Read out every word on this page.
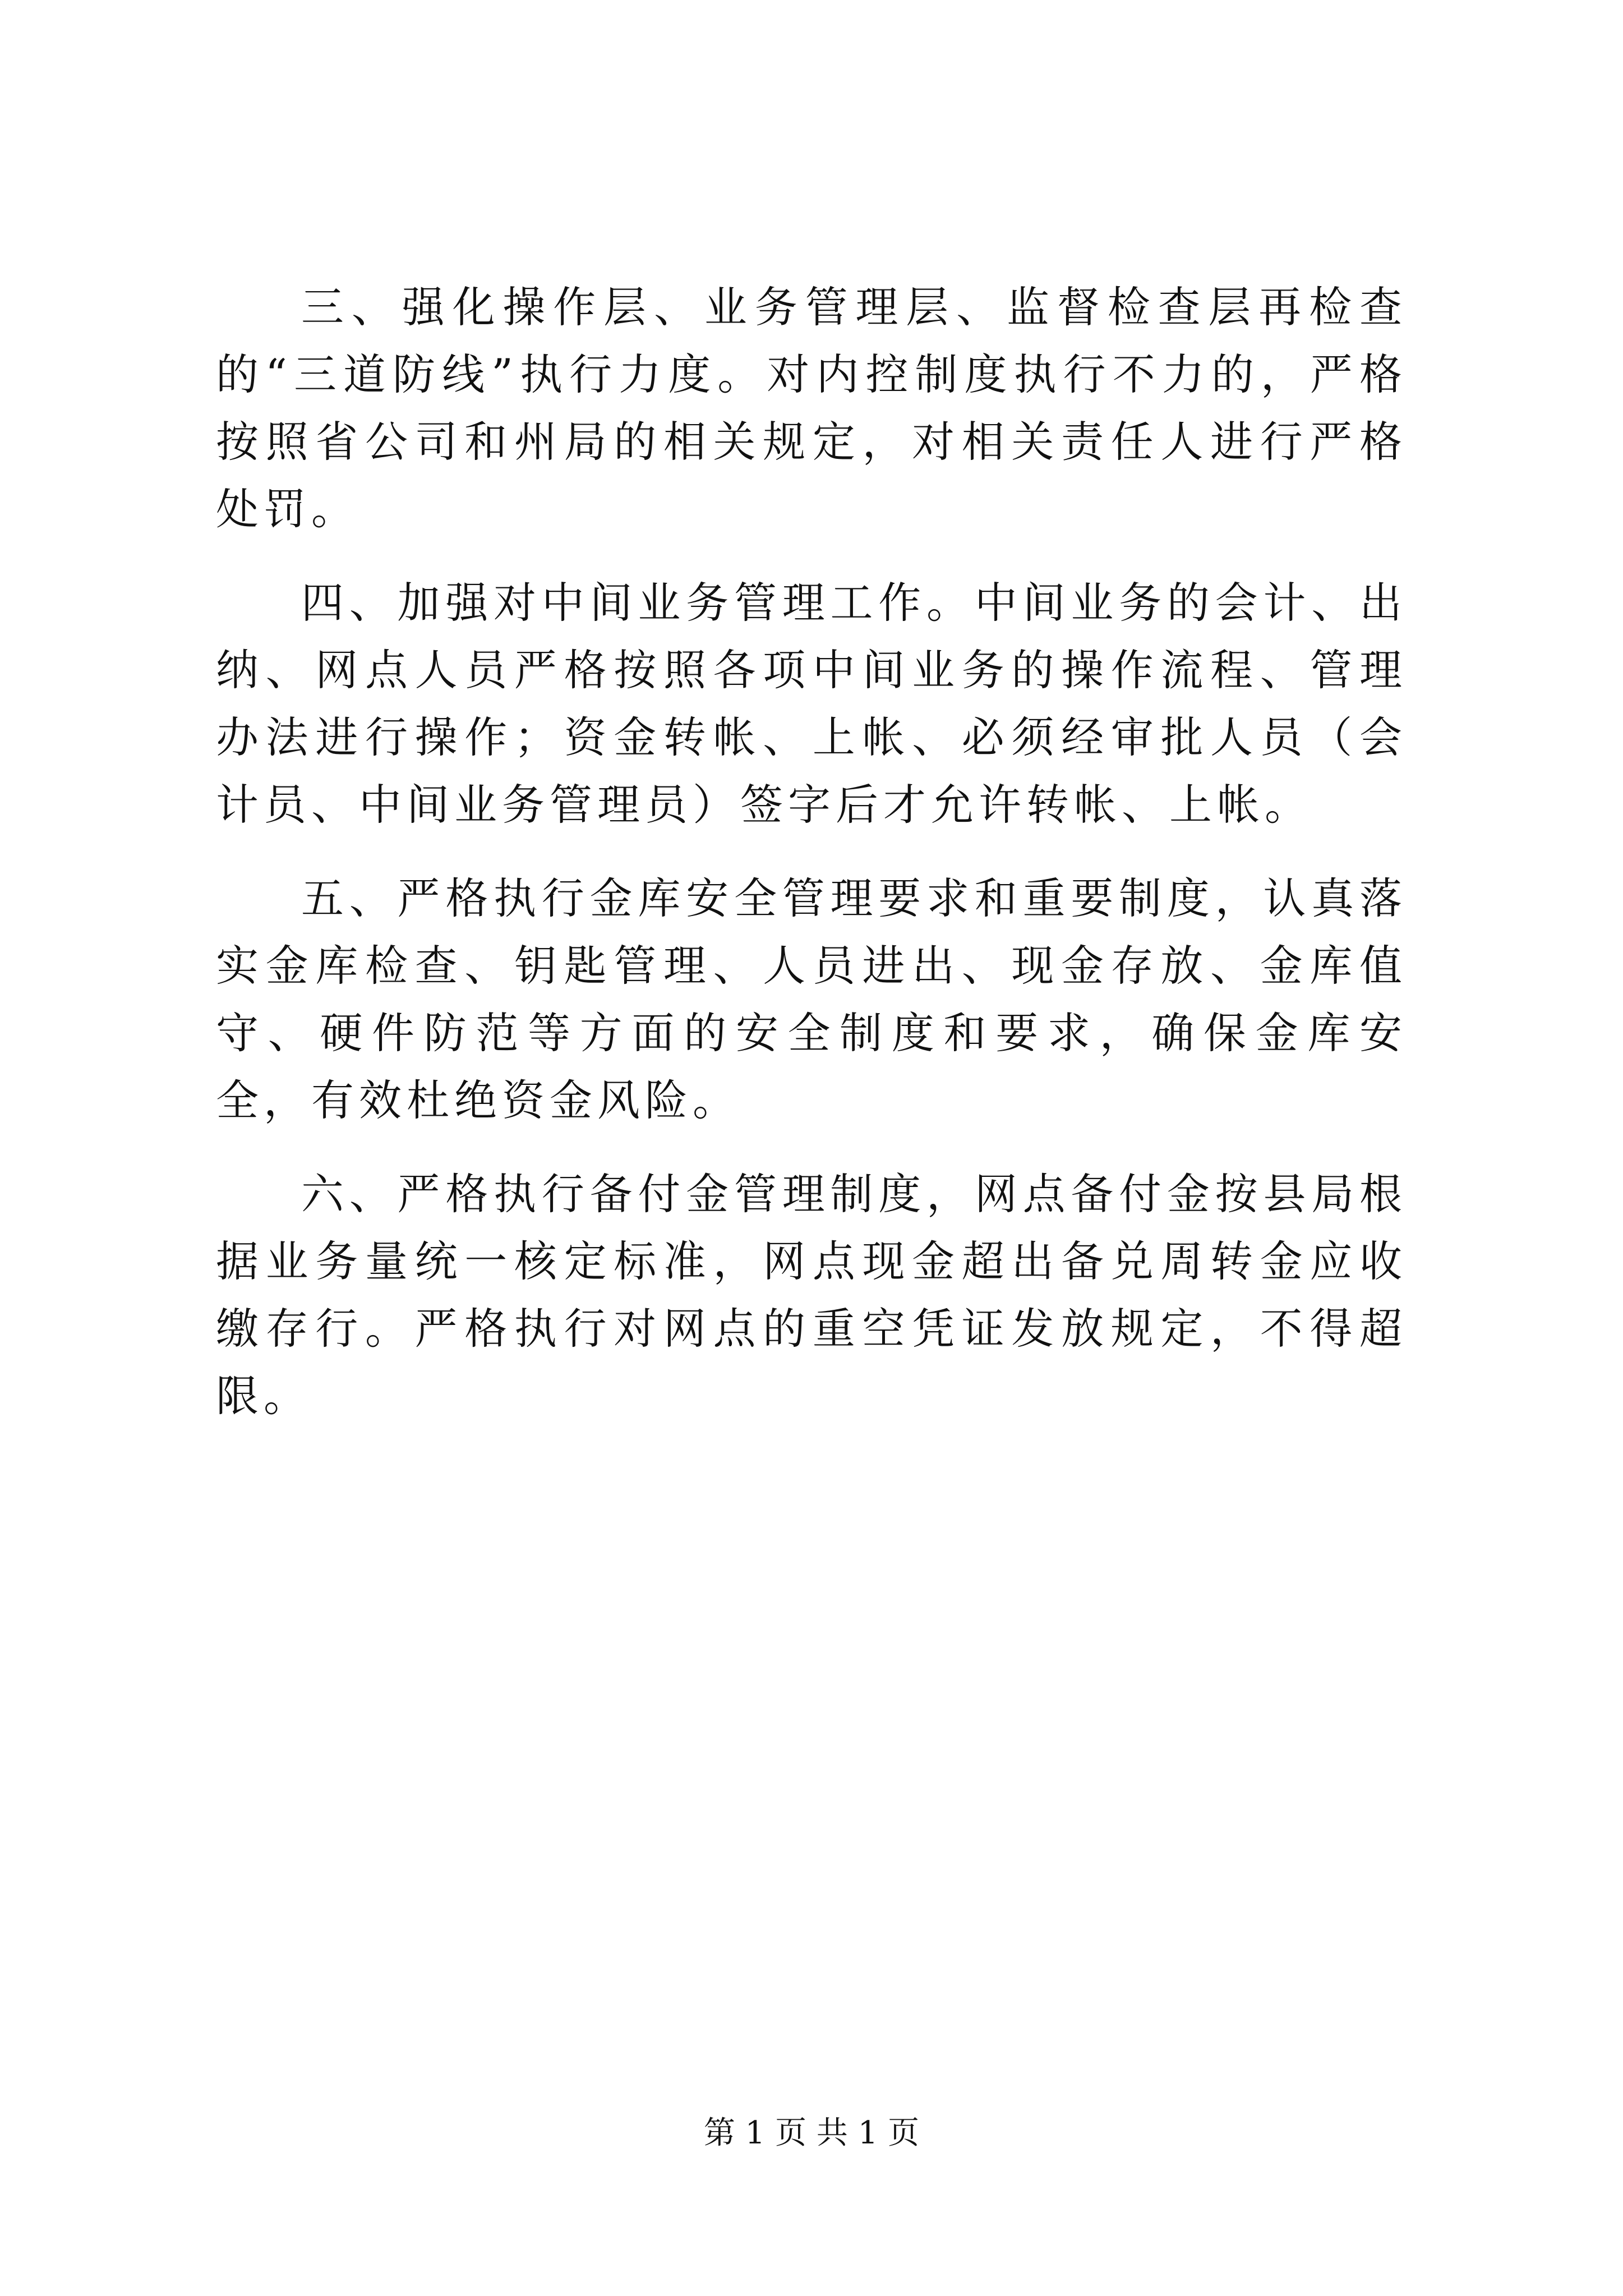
三、强化操作层、业务管理层、监督检查层再检查的“三道防线”执行力度。对内控制度执行不力的，严格按照省公司和州局的相关规定，对相关责任人进行严格处罚。

四、加强对中间业务管理工作。中间业务的会计、出纳、网点人员严格按照各项中间业务的操作流程、管理办法进行操作；资金转帐、上帐、必须经审批人员（会计员、中间业务管理员）签字后才允许转帐、上帐。

五、严格执行金库安全管理要求和重要制度，认真落实金库检查、钥匙管理、人员进出、现金存放、金库值守、硬件防范等方面的安全制度和要求，确保金库安全，有效杜绝资金风险。

六、严格执行备付金管理制度，网点备付金按县局根据业务量统一核定标准，网点现金超出备兑周转金应收缴存行。严格执行对网点的重空凭证发放规定，不得超限。

第 1 页 共 1 页
